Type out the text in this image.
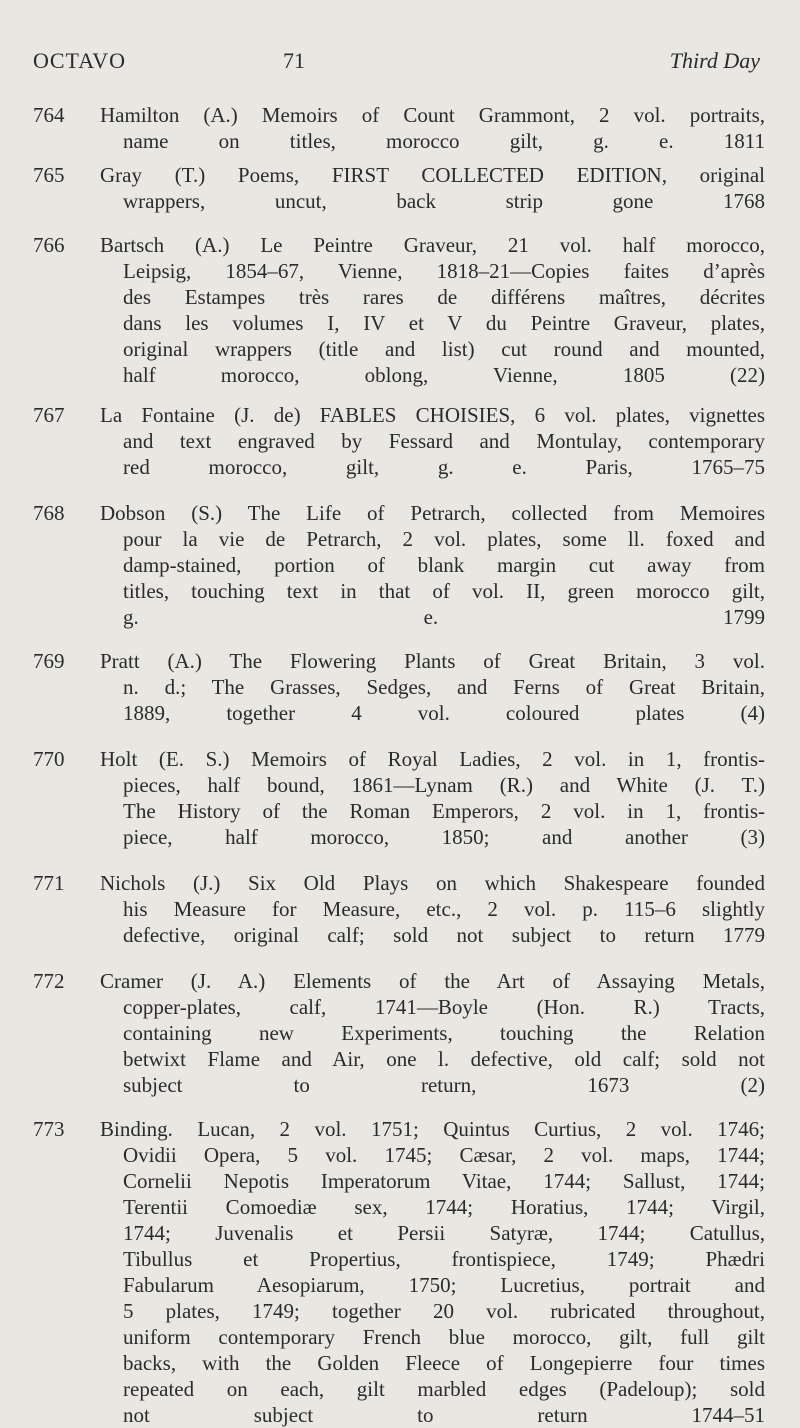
OCTAVO	71	Third Day
764	Hamilton (A.) Memoirs of Count Grammont, 2 vol. portraits,
name on titles, morocco gilt, g. e. 1811
765	Gray (T.) Poems, FIRST COLLECTED EDITION, original
wrappers, uncut, back strip gone 1768
766	Bartsch (A.) Le Peintre Graveur, 21 vol. half morocco,
Leipsig, 1854–67, Vienne, 1818–21—Copies faites d’après
des Estampes très rares de différens maîtres, décrites
dans les volumes I, IV et V du Peintre Graveur, plates,
original wrappers (title and list) cut round and mounted,
half morocco, oblong, Vienne, 1805 (22)
767	La Fontaine (J. de) FABLES CHOISIES, 6 vol. plates, vignettes
and text engraved by Fessard and Montulay, contemporary
red morocco, gilt, g. e. Paris, 1765–75
768	Dobson (S.) The Life of Petrarch, collected from Memoires
pour la vie de Petrarch, 2 vol. plates, some ll. foxed and
damp-stained, portion of blank margin cut away from
titles, touching text in that of vol. II, green morocco gilt,
g. e. 1799
769	Pratt (A.) The Flowering Plants of Great Britain, 3 vol.
n. d.; The Grasses, Sedges, and Ferns of Great Britain,
1889, together 4 vol. coloured plates (4)
770	Holt (E. S.) Memoirs of Royal Ladies, 2 vol. in 1, frontis-
pieces, half bound, 1861—Lynam (R.) and White (J. T.)
The History of the Roman Emperors, 2 vol. in 1, frontis-
piece, half morocco, 1850; and another (3)
771	Nichols (J.) Six Old Plays on which Shakespeare founded
his Measure for Measure, etc., 2 vol. p. 115–6 slightly
defective, original calf; sold not subject to return 1779
772	Cramer (J. A.) Elements of the Art of Assaying Metals,
copper-plates, calf, 1741—Boyle (Hon. R.) Tracts,
containing new Experiments, touching the Relation
betwixt Flame and Air, one l. defective, old calf; sold not
subject to return, 1673 (2)
773	Binding. Lucan, 2 vol. 1751; Quintus Curtius, 2 vol. 1746;
Ovidii Opera, 5 vol. 1745; Cæsar, 2 vol. maps, 1744;
Cornelii Nepotis Imperatorum Vitae, 1744; Sallust, 1744;
Terentii Comoediæ sex, 1744; Horatius, 1744; Virgil,
1744; Juvenalis et Persii Satyræ, 1744; Catullus,
Tibullus et Propertius, frontispiece, 1749; Phædri
Fabularum Aesopiarum, 1750; Lucretius, portrait and
5 plates, 1749; together 20 vol. rubricated throughout,
uniform contemporary French blue morocco, gilt, full gilt
backs, with the Golden Fleece of Longepierre four times
repeated on each, gilt marbled edges (Padeloup); sold
not subject to return 1744–51
